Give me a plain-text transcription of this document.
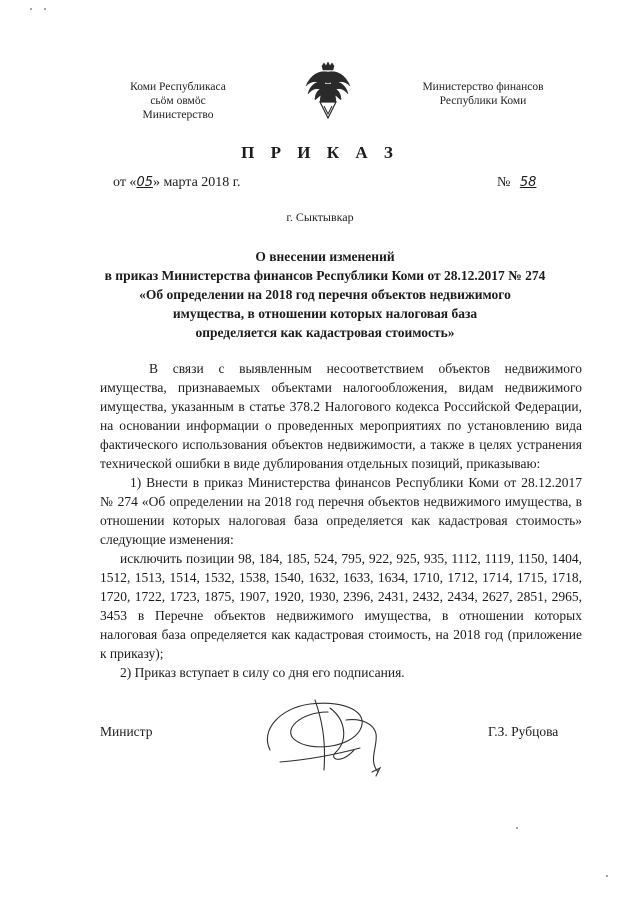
Коми Республикаса
сьӧм овмӧс
Министерство
Министерство финансов
Республики Коми
П Р И К А З
от «05» марта 2018 г.	№ 58
г. Сыктывкар
О внесении изменений
в приказ Министерства финансов Республики Коми от 28.12.2017 № 274
«Об определении на 2018 год перечня объектов недвижимого
имущества, в отношении которых налоговая база
определяется как кадастровая стоимость»

В связи с выявленным несоответствием объектов недвижимого имущества, признаваемых объектами налогообложения, видам недвижимого имущества, указанным в статье 378.2 Налогового кодекса Российской Федерации, на основании информации о проведенных мероприятиях по установлению вида фактического использования объектов недвижимости, а также в целях устранения технической ошибки в виде дублирования отдельных позиций, приказываю:

1) Внести в приказ Министерства финансов Республики Коми от 28.12.2017 № 274 «Об определении на 2018 год перечня объектов недвижимого имущества, в отношении которых налоговая база определяется как кадастровая стоимость» следующие изменения:

исключить позиции 98, 184, 185, 524, 795, 922, 925, 935, 1112, 1119, 1150, 1404, 1512, 1513, 1514, 1532, 1538, 1540, 1632, 1633, 1634, 1710, 1712, 1714, 1715, 1718, 1720, 1722, 1723, 1875, 1907, 1920, 1930, 2396, 2431, 2432, 2434, 2627, 2851, 2965, 3453 в Перечне объектов недвижимого имущества, в отношении которых налоговая база определяется как кадастровая стоимость, на 2018 год (приложение к приказу);

2) Приказ вступает в силу со дня его подписания.

Министр	Г.З. Рубцова
